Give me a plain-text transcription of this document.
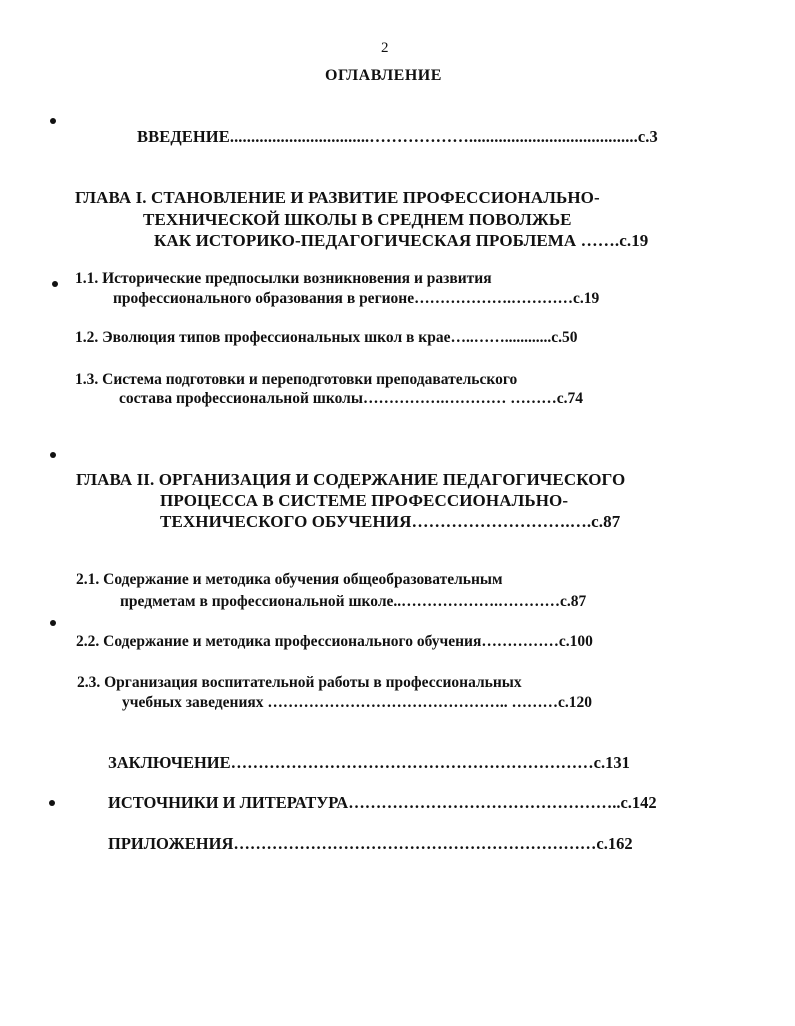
2
ОГЛАВЛЕНИЕ
ВВЕДЕНИЕ.................................………………........................................с.3
ГЛАВА I. СТАНОВЛЕНИЕ И РАЗВИТИЕ ПРОФЕССИОНАЛЬНО-
ТЕХНИЧЕСКОЙ ШКОЛЫ В СРЕДНЕМ ПОВОЛЖЬЕ
КАК ИСТОРИКО-ПЕДАГОГИЧЕСКАЯ ПРОБЛЕМА …….с.19
1.1. Исторические предпосылки возникновения и развития
профессионального образования в регионе……………….…………с.19
1.2. Эволюция типов профессиональных школ в крае…..……............с.50
1.3. Система подготовки и переподготовки преподавательского
состава профессиональной школы…………….………… ………с.74
ГЛАВА II. ОРГАНИЗАЦИЯ И СОДЕРЖАНИЕ ПЕДАГОГИЧЕСКОГО
ПРОЦЕССА В СИСТЕМЕ ПРОФЕССИОНАЛЬНО-
ТЕХНИЧЕСКОГО ОБУЧЕНИЯ……………………….….с.87
2.1. Содержание и методика обучения общеобразовательным
предметам в профессиональной школе..……………….…………с.87
2.2. Содержание и методика профессионального обучения……………с.100
2.3. Организация воспитательной работы в профессиональных
учебных заведениях ……………………………………….. ………с.120
ЗАКЛЮЧЕНИЕ…………………………………………………………с.131
ИСТОЧНИКИ И ЛИТЕРАТУРА…………………………………………..с.142
ПРИЛОЖЕНИЯ…………………………………………………………с.162
